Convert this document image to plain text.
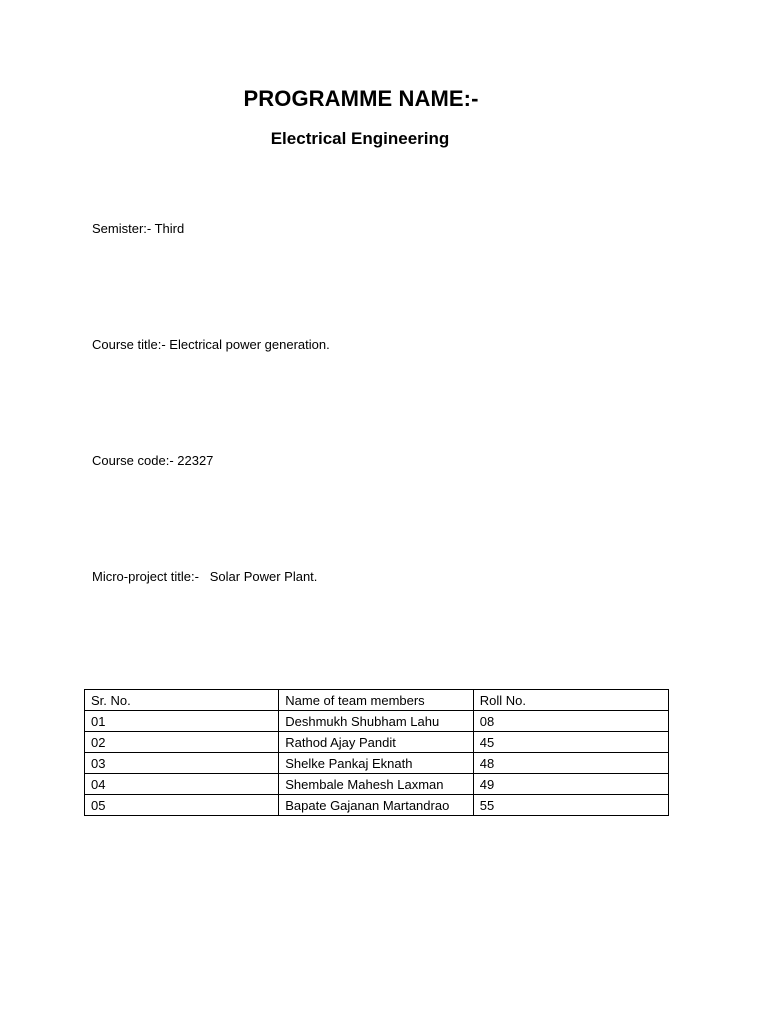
PROGRAMME NAME:-
Electrical Engineering
Semister:- Third
Course title:- Electrical power generation.
Course code:- 22327
Micro-project title:-   Solar Power Plant.
Sr. No.	Name of team members	Roll No.
01	Deshmukh Shubham Lahu	08
02	Rathod Ajay Pandit	45
03	Shelke Pankaj Eknath	48
04	Shembale Mahesh Laxman	49
05	Bapate Gajanan Martandrao	55
